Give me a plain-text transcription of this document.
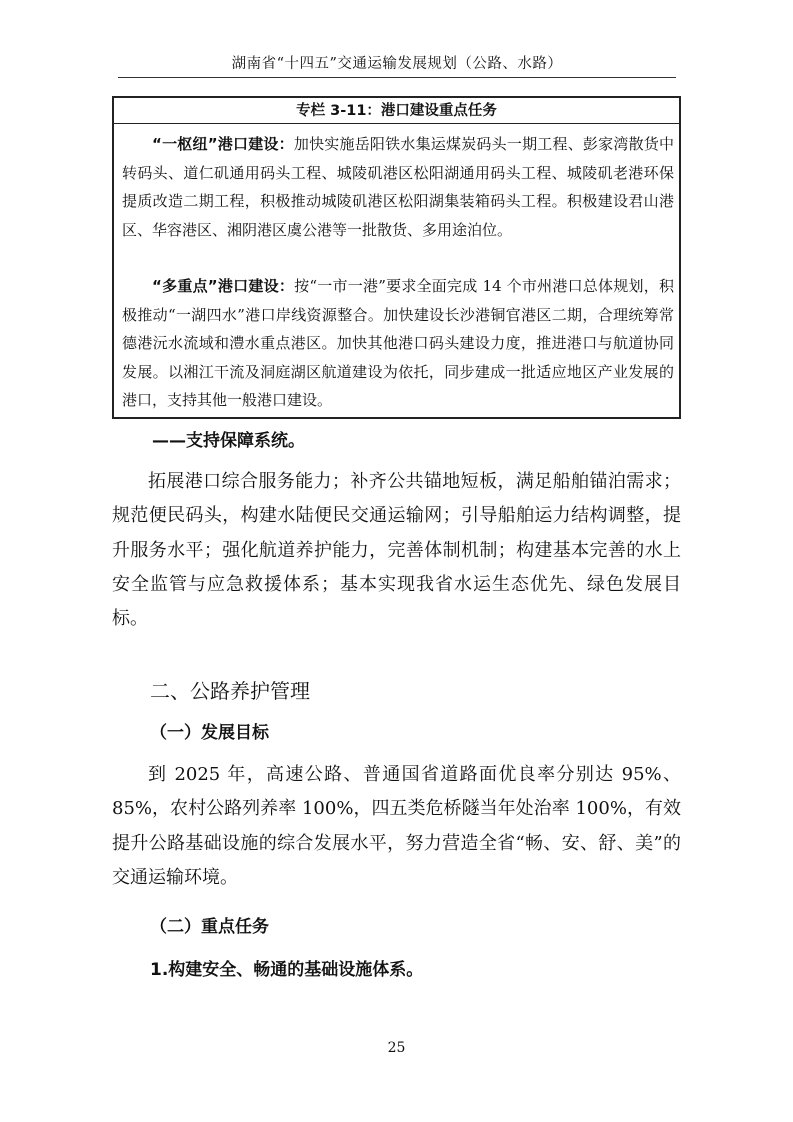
湖南省“十四五”交通运输发展规划（公路、水路）
专栏 3-11：港口建设重点任务
“一枢纽”港口建设：加快实施岳阳铁水集运煤炭码头一期工程、彭家湾散货中转码头、道仁矶通用码头工程、城陵矶港区松阳湖通用码头工程、城陵矶老港环保提质改造二期工程，积极推动城陵矶港区松阳湖集装箱码头工程。积极建设君山港区、华容港区、湘阴港区虞公港等一批散货、多用途泊位。
“多重点”港口建设：按“一市一港”要求全面完成 14 个市州港口总体规划，积极推动“一湖四水”港口岸线资源整合。加快建设长沙港铜官港区二期，合理统筹常德港沅水流域和澧水重点港区。加快其他港口码头建设力度，推进港口与航道协同发展。以湘江干流及洞庭湖区航道建设为依托，同步建成一批适应地区产业发展的港口，支持其他一般港口建设。
——支持保障系统。
拓展港口综合服务能力；补齐公共锚地短板，满足船舶锚泊需求；规范便民码头，构建水陆便民交通运输网；引导船舶运力结构调整，提升服务水平；强化航道养护能力，完善体制机制；构建基本完善的水上安全监管与应急救援体系；基本实现我省水运生态优先、绿色发展目标。
二、公路养护管理
（一）发展目标
到 2025 年，高速公路、普通国省道路面优良率分别达 95%、85%，农村公路列养率 100%，四五类危桥隧当年处治率 100%，有效提升公路基础设施的综合发展水平，努力营造全省“畅、安、舒、美”的交通运输环境。
（二）重点任务
1.构建安全、畅通的基础设施体系。
25
